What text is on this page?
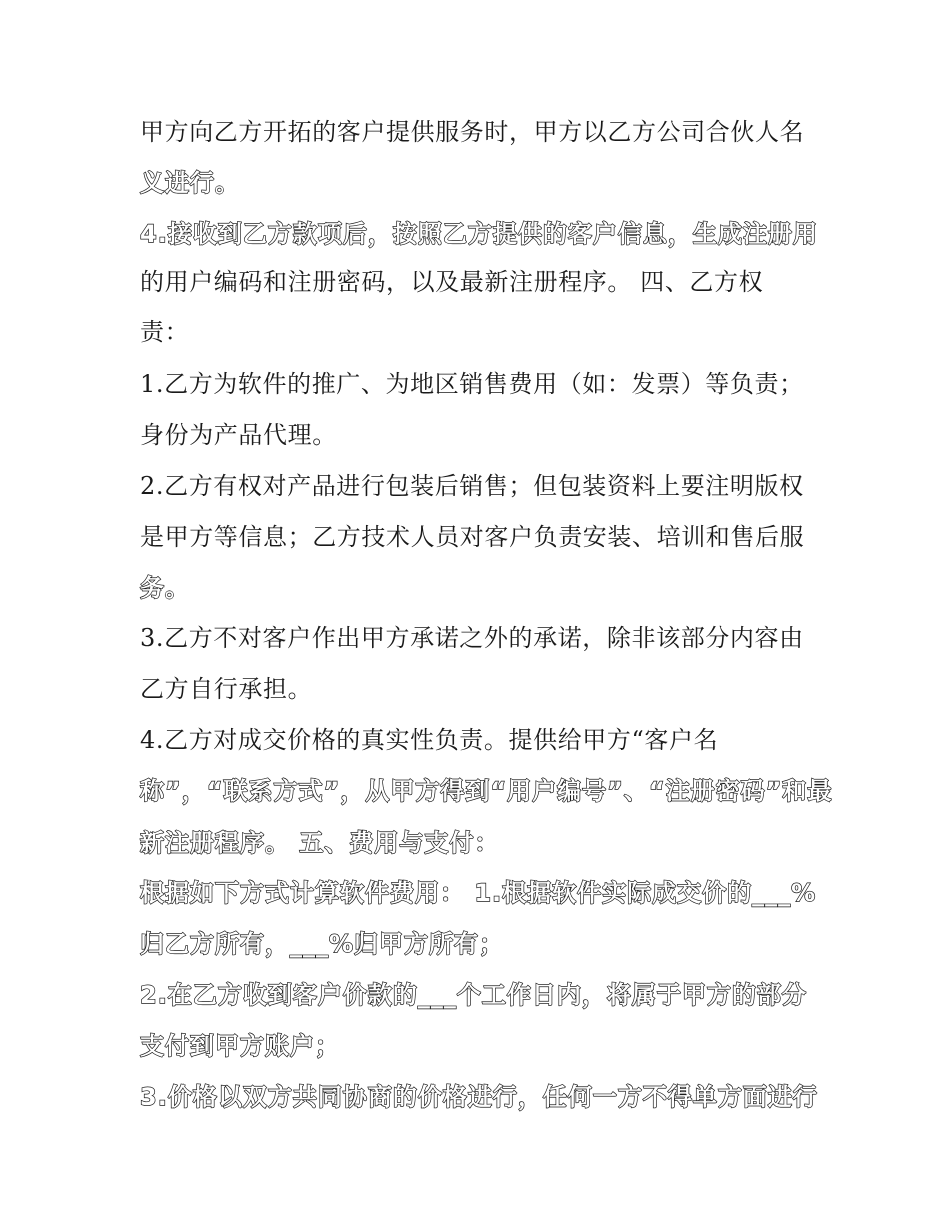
甲方向乙方开拓的客户提供服务时，甲方以乙方公司合伙人名
义进行。
4.接收到乙方款项后，按照乙方提供的客户信息，生成注册用
的用户编码和注册密码，以及最新注册程序。 四、乙方权
责：
1.乙方为软件的推广、为地区销售费用（如：发票）等负责；
身份为产品代理。
2.乙方有权对产品进行包装后销售；但包装资料上要注明版权
是甲方等信息；乙方技术人员对客户负责安装、培训和售后服
务。
3.乙方不对客户作出甲方承诺之外的承诺，除非该部分内容由
乙方自行承担。
4.乙方对成交价格的真实性负责。提供给甲方“客户名
称”，“联系方式”，从甲方得到“用户编号”、“注册密码”和最
新注册程序。 五、费用与支付：
根据如下方式计算软件费用： 1.根据软件实际成交价的___%
归乙方所有，___%归甲方所有；
2.在乙方收到客户价款的___个工作日内，将属于甲方的部分
支付到甲方账户；
3.价格以双方共同协商的价格进行，任何一方不得单方面进行
